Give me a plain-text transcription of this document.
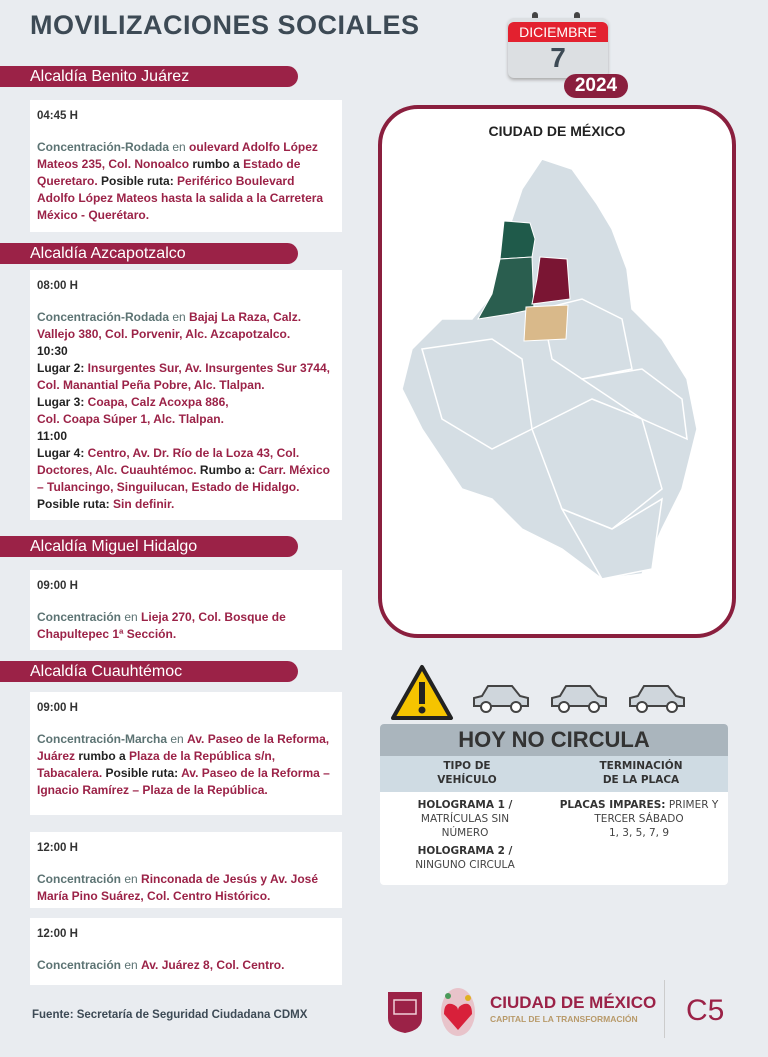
MOVILIZACIONES SOCIALES	DICIEMBRE
7
2024
Alcaldía Benito Juárez
04:45 H
Concentración-Rodada en oulevard Adolfo López Mateos 235, Col. Nonoalco rumbo a Estado de Queretaro. Posible ruta: Periférico Boulevard Adolfo López Mateos hasta la salida a la Carretera México - Querétaro.
Alcaldía Azcapotzalco
08:00 H
Concentración-Rodada en Bajaj La Raza, Calz. Vallejo 380, Col. Porvenir, Alc. Azcapotzalco.
10:30
Lugar 2: Insurgentes Sur, Av. Insurgentes Sur 3744, Col. Manantial Peña Pobre, Alc. Tlalpan.
Lugar 3: Coapa, Calz Acoxpa 886,
Col. Coapa Súper 1, Alc. Tlalpan.
11:00
Lugar 4: Centro, Av. Dr. Río de la Loza 43, Col. Doctores, Alc. Cuauhtémoc. Rumbo a: Carr. México – Tulancingo, Singuilucan, Estado de Hidalgo. Posible ruta: Sin definir.
Alcaldía Miguel Hidalgo
09:00 H
Concentración en Lieja 270, Col. Bosque de Chapultepec 1ª Sección.
Alcaldía Cuauhtémoc
09:00 H
Concentración-Marcha en Av. Paseo de la Reforma, Juárez rumbo a Plaza de la República s/n, Tabacalera. Posible ruta: Av. Paseo de la Reforma – Ignacio Ramírez – Plaza de la República.
12:00 H
Concentración en Rinconada de Jesús y Av. José María Pino Suárez, Col. Centro Histórico.
12:00 H
Concentración en Av. Juárez 8, Col. Centro.
CIUDAD DE MÉXICO
HOY NO CIRCULA
TIPO DE VEHÍCULO
TERMINACIÓN DE LA PLACA
HOLOGRAMA 1 /
MATRÍCULAS SIN NÚMERO
HOLOGRAMA 2 /
NINGUNO CIRCULA
PLACAS IMPARES: PRIMER Y TERCER SÁBADO
1, 3, 5, 7, 9
Fuente: Secretaría de Seguridad Ciudadana CDMX
CIUDAD DE MÉXICO
CAPITAL DE LA TRANSFORMACIÓN C5
